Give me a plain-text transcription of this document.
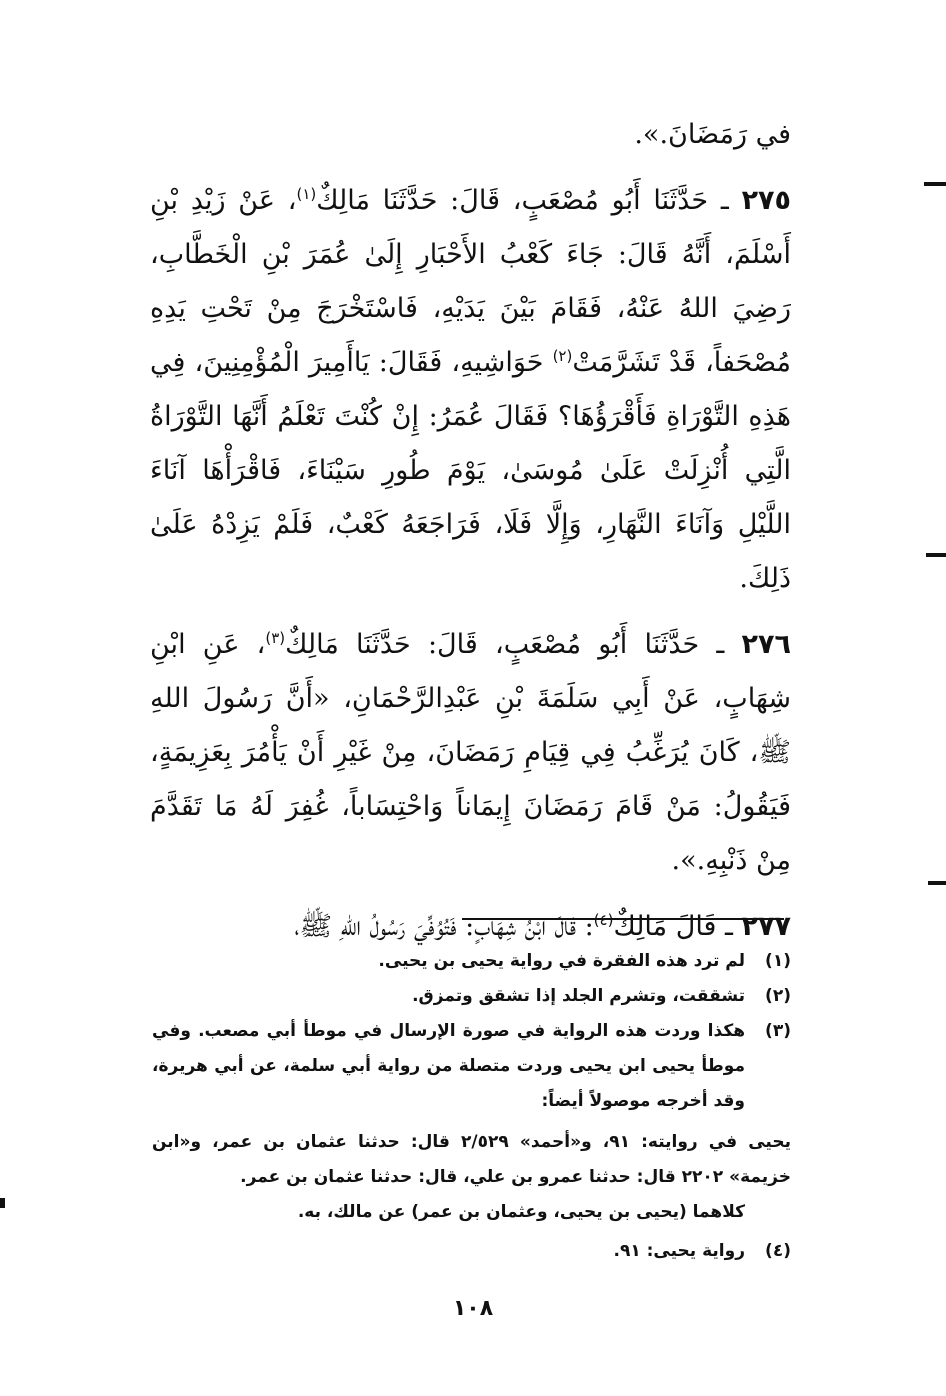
في رَمَضَانَ.».

٢٧٥ ـ حَدَّثَنَا أَبُو مُصْعَبٍ، قَالَ: حَدَّثَنَا مَالِكٌ$^{(١)}$، عَنْ زَيْدِ بْنِ أَسْلَمَ، أَنَّهُ قَالَ: جَاءَ كَعْبُ الأَحْبَارِ إِلَىٰ عُمَرَ بْنِ الْخَطَّابِ، رَضِيَ اللهُ عَنْهُ، فَقَامَ بَيْنَ يَدَيْهِ، فَاسْتَخْرَجَ مِنْ تَحْتِ يَدِهِ مُصْحَفاً، قَدْ تَشَرَّمَتْ$^{(٢)}$ حَوَاشِيهِ، فَقَالَ: يَاأَمِيرَ الْمُؤْمِنِينَ، فِي هَذِهِ التَّوْرَاةِ فَأَقْرَؤُهَا؟ فَقَالَ عُمَرُ: إِنْ كُنْتَ تَعْلَمُ أَنَّهَا التَّوْرَاةُ الَّتِي أُنْزِلَتْ عَلَىٰ مُوسَىٰ، يَوْمَ طُورِ سَيْنَاءَ، فَاقْرَأْهَا آنَاءَ اللَّيْلِ وَآنَاءَ النَّهَارِ، وَإِلَّا فَلَا، فَرَاجَعَهُ كَعْبٌ، فَلَمْ يَزِدْهُ عَلَىٰ ذَلِكَ.

٢٧٦ ـ حَدَّثَنَا أَبُو مُصْعَبٍ، قَالَ: حَدَّثَنَا مَالِكٌ$^{(٣)}$، عَنِ ابْنِ شِهَابٍ، عَنْ أَبِي سَلَمَةَ بْنِ عَبْدِالرَّحْمَانِ، «أَنَّ رَسُولَ اللهِ ﷺ، كَانَ يُرَغِّبُ فِي قِيَامِ رَمَضَانَ، مِنْ غَيْرِ أَنْ يَأْمُرَ بِعَزِيمَةٍ، فَيَقُولُ: مَنْ قَامَ رَمَضَانَ إِيمَاناً وَاحْتِسَاباً، غُفِرَ لَهُ مَا تَقَدَّمَ مِنْ ذَنْبِهِ.».

٢٧٧ ـ قَالَ مَالِكٌ$^{(٤)}$: قَالَ ابْنُ شِهَابٍ: فَتُوُفِّيَ رَسُولُ اللهِ ﷺ،

(١)
لم ترد هذه الفقرة في رواية يحيى بن يحيى.
(٢)
تشققت، وتشرم الجلد إذا تشقق وتمزق.
(٣)
هكذا وردت هذه الرواية في صورة الإرسال في موطأ أبي مصعب. وفي موطأ يحيى ابن يحيى وردت متصلة من رواية أبي سلمة، عن أبي هريرة، وقد أخرجه موصولاً أيضاً:
يحيى في روايته: ٩١، و«أحمد» ٢/٥٢٩ قال: حدثنا عثمان بن عمر، و«ابن خزيمة» ٢٢٠٢ قال: حدثنا عمرو بن علي، قال: حدثنا عثمان بن عمر.
كلاهما (يحيى بن يحيى، وعثمان بن عمر) عن مالك، به.
(٤)
رواية يحيى: ٩١.
١٠٨
